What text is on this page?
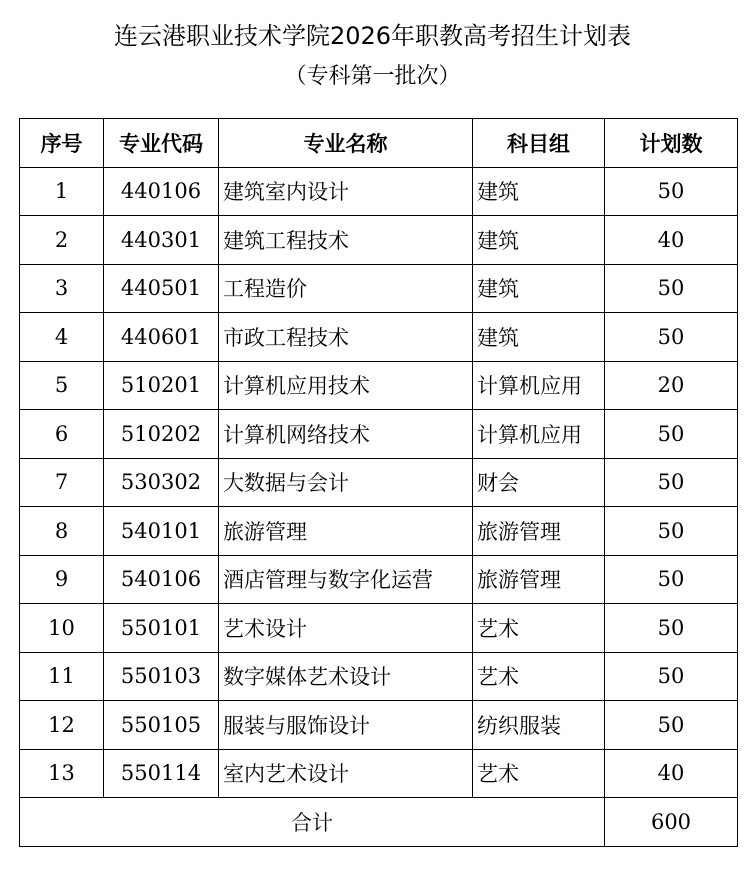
连云港职业技术学院2026年职教高考招生计划表
（专科第一批次）
序号	专业代码	专业名称	科目组	计划数
1	440106	建筑室内设计	建筑	50
2	440301	建筑工程技术	建筑	40
3	440501	工程造价	建筑	50
4	440601	市政工程技术	建筑	50
5	510201	计算机应用技术	计算机应用	20
6	510202	计算机网络技术	计算机应用	50
7	530302	大数据与会计	财会	50
8	540101	旅游管理	旅游管理	50
9	540106	酒店管理与数字化运营	旅游管理	50
10	550101	艺术设计	艺术	50
11	550103	数字媒体艺术设计	艺术	50
12	550105	服装与服饰设计	纺织服装	50
13	550114	室内艺术设计	艺术	40
合计				600
